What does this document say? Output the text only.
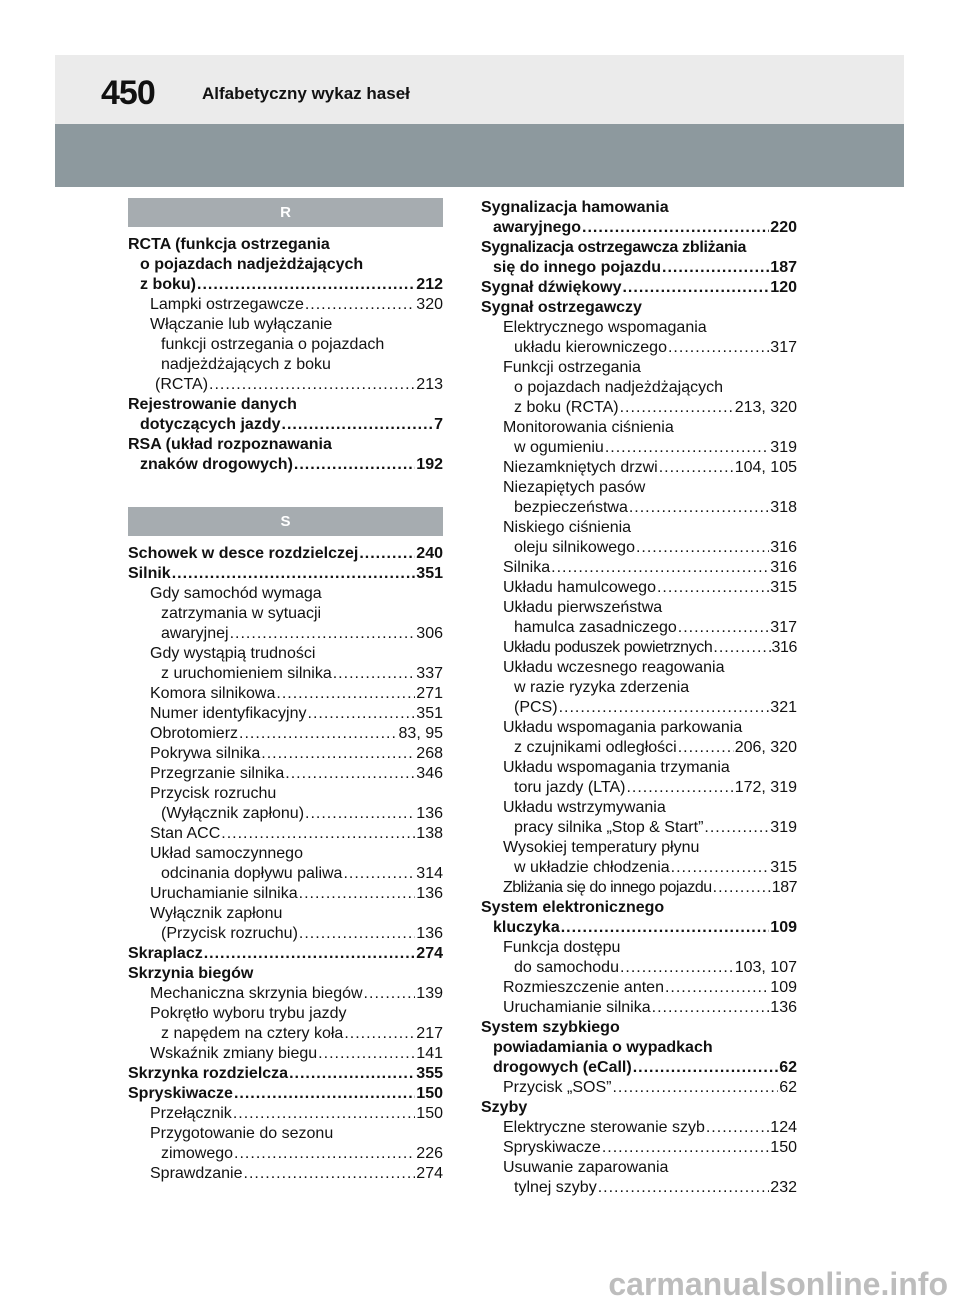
450	Alfabetyczny wykaz haseł
R
RCTA (funkcja ostrzegania
o pojazdach nadjeżdżających
z boku) .....	212
Lampki ostrzegawcze .....	320
Włączanie lub wyłączanie
funkcji ostrzegania o pojazdach
nadjeżdżających z boku
(RCTA) .....	213
Rejestrowanie danych
dotyczących jazdy .....	7
RSA (układ rozpoznawania
znaków drogowych) .....	192
S
Schowek w desce rozdzielczej .....	240
Silnik .....	351
Gdy samochód wymaga
zatrzymania w sytuacji
awaryjnej .....	306
Gdy wystąpią trudności
z uruchomieniem silnika .....	337
Komora silnikowa .....	271
Numer identyfikacyjny .....	351
Obrotomierz .....	83, 95
Pokrywa silnika .....	268
Przegrzanie silnika .....	346
Przycisk rozruchu
(Wyłącznik zapłonu) .....	136
Stan ACC .....	138
Układ samoczynnego
odcinania dopływu paliwa .....	314
Uruchamianie silnika .....	136
Wyłącznik zapłonu
(Przycisk rozruchu) .....	136
Skraplacz .....	274
Skrzynia biegów
Mechaniczna skrzynia biegów .....	139
Pokrętło wyboru trybu jazdy
z napędem na cztery koła .....	217
Wskaźnik zmiany biegu .....	141
Skrzynka rozdzielcza .....	355
Spryskiwacze .....	150
Przełącznik .....	150
Przygotowanie do sezonu
zimowego .....	226
Sprawdzanie .....	274
Sygnalizacja hamowania
awaryjnego .....	220
Sygnalizacja ostrzegawcza zbliżania
się do innego pojazdu .....	187
Sygnał dźwiękowy .....	120
Sygnał ostrzegawczy
Elektrycznego wspomagania
układu kierowniczego .....	317
Funkcji ostrzegania
o pojazdach nadjeżdżających
z boku (RCTA) .....	213, 320
Monitorowania ciśnienia
w ogumieniu .....	319
Niezamkniętych drzwi .....	104, 105
Niezapiętych pasów
bezpieczeństwa .....	318
Niskiego ciśnienia
oleju silnikowego .....	316
Silnika .....	316
Układu hamulcowego .....	315
Układu pierwszeństwa
hamulca zasadniczego .....	317
Układu poduszek powietrznych .....	316
Układu wczesnego reagowania
w razie ryzyka zderzenia
(PCS) .....	321
Układu wspomagania parkowania
z czujnikami odległości .....	206, 320
Układu wspomagania trzymania
toru jazdy (LTA) .....	172, 319
Układu wstrzymywania
pracy silnika „Stop & Start” .....	319
Wysokiej temperatury płynu
w układzie chłodzenia .....	315
Zbliżania się do innego pojazdu .....	187
System elektronicznego
kluczyka .....	109
Funkcja dostępu
do samochodu .....	103, 107
Rozmieszczenie anten .....	109
Uruchamianie silnika .....	136
System szybkiego
powiadamiania o wypadkach
drogowych (eCall) .....	62
Przycisk „SOS” .....	62
Szyby
Elektryczne sterowanie szyb .....	124
Spryskiwacze .....	150
Usuwanie zaparowania
tylnej szyby .....	232
carmanualsonline.info
